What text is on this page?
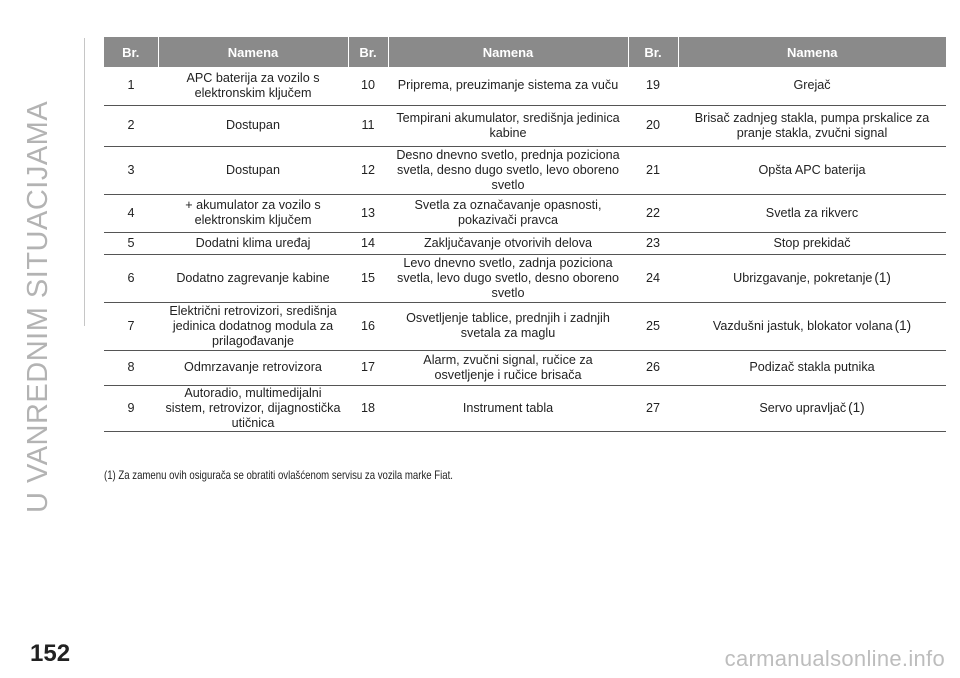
U VANREDNIM SITUACIJAMA
Br.	Namena	Br.	Namena	Br.	Namena
1	APC baterija za vozilo s elektronskim ključem	10	Priprema, preuzimanje sistema za vuču	19	Grejač
2	Dostupan	11	Tempirani akumulator, središnja jedinica kabine	20	Brisač zadnjeg stakla, pumpa prskalice za pranje stakla, zvučni signal
3	Dostupan	12	Desno dnevno svetlo, prednja poziciona svetla, desno dugo svetlo, levo oboreno svetlo	21	Opšta APC baterija
4	+ akumulator za vozilo s elektronskim ključem	13	Svetla za označavanje opasnosti, pokazivači pravca	22	Svetla za rikverc
5	Dodatni klima uređaj	14	Zaključavanje otvorivih delova	23	Stop prekidač
6	Dodatno zagrevanje kabine	15	Levo dnevno svetlo, zadnja poziciona svetla, levo dugo svetlo, desno oboreno svetlo	24	Ubrizgavanje, pokretanje (1)
7	Električni retrovizori, središnja jedinica dodatnog modula za prilagođavanje	16	Osvetljenje tablice, prednjih i zadnjih svetala za maglu	25	Vazdušni jastuk, blokator volana (1)
8	Odmrzavanje retrovizora	17	Alarm, zvučni signal, ručice za osvetljenje i ručice brisača	26	Podizač stakla putnika
9	Autoradio, multimedijalni sistem, retrovizor, dijagnostička utičnica	18	Instrument tabla	27	Servo upravljač (1)
(1) Za zamenu ovih osigurača se obratiti ovlašćenom servisu za vozila marke Fiat.
152	carmanualsonline.info
